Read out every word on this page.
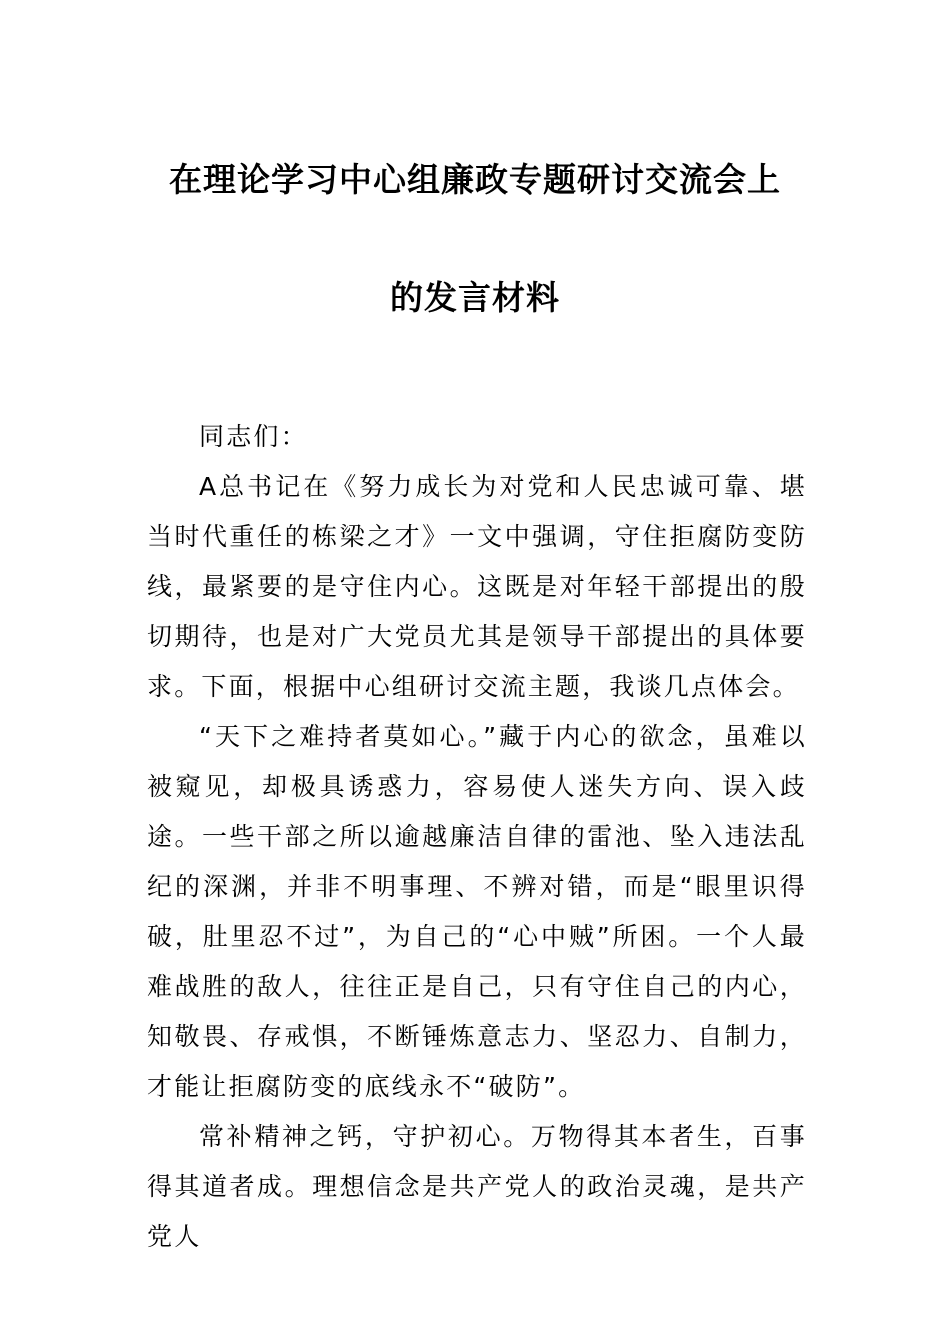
在理论学习中心组廉政专题研讨交流会上
的发言材料

同志们：

A总书记在《努力成长为对党和人民忠诚可靠、堪当时代重任的栋梁之才》一文中强调，守住拒腐防变防线，最紧要的是守住内心。这既是对年轻干部提出的殷切期待，也是对广大党员尤其是领导干部提出的具体要求。下面，根据中心组研讨交流主题，我谈几点体会。

“天下之难持者莫如心。”藏于内心的欲念，虽难以被窥见，却极具诱惑力，容易使人迷失方向、误入歧途。一些干部之所以逾越廉洁自律的雷池、坠入违法乱纪的深渊，并非不明事理、不辨对错，而是“眼里识得破，肚里忍不过”，为自己的“心中贼”所困。一个人最难战胜的敌人，往往正是自己，只有守住自己的内心，知敬畏、存戒惧，不断锤炼意志力、坚忍力、自制力，才能让拒腐防变的底线永不“破防”。

常补精神之钙，守护初心。万物得其本者生，百事得其道者成。理想信念是共产党人的政治灵魂，是共产党人
